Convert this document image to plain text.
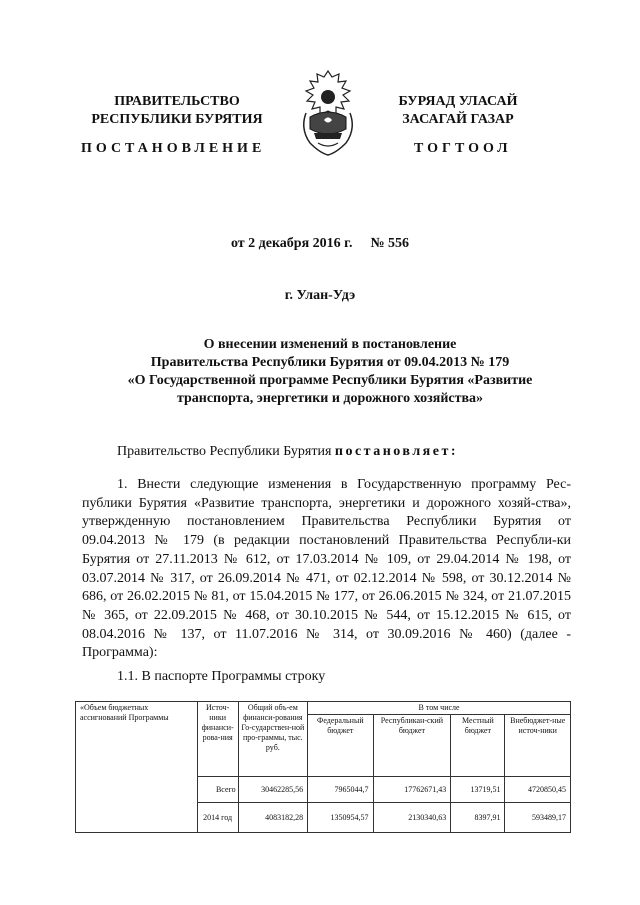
ПРАВИТЕЛЬСТВО
РЕСПУБЛИКИ БУРЯТИЯ
БУРЯАД УЛАСАЙ
ЗАСАГАЙ ГАЗАР
ПОСТАНОВЛЕНИЕ	ТОГТООЛ
от 2 декабря 2016 г. № 556
г. Улан-Удэ
О внесении изменений в постановление
Правительства Республики Бурятия от 09.04.2013 № 179
«О Государственной программе Республики Бурятия «Развитие
транспорта, энергетики и дорожного хозяйства»
Правительство Республики Бурятия постановляет:
1. Внести следующие изменения в Государственную программу Рес-публики Бурятия «Развитие транспорта, энергетики и дорожного хозяй-ства», утвержденную постановлением Правительства Республики Бурятия от 09.04.2013 № 179 (в редакции постановлений Правительства Республи-ки Бурятия от 27.11.2013 № 612, от 17.03.2014 № 109, от 29.04.2014 № 198, от 03.07.2014 № 317, от 26.09.2014 № 471, от 02.12.2014 № 598, от 30.12.2014 № 686, от 26.02.2015 № 81, от 15.04.2015 № 177, от 26.06.2015 № 324, от 21.07.2015 № 365, от 22.09.2015 № 468, от 30.10.2015 № 544, от 15.12.2015 № 615, от 08.04.2016 № 137, от 11.07.2016 № 314, от 30.09.2016 № 460) (далее - Программа):
1.1. В паспорте Программы строку
«Объем бюджетных ассигнований Программы	Источ-ники финанси-рова-ния	Общий объ-ем финанси-рования Го-сударствен-ной про-граммы, тыс. руб.	В том числе			
			Федеральный бюджет	Республикан-ский бюджет	Местный бюджет	Внебюджет-ные источ-ники
	Всего	30462285,56	7965044,7	17762671,43	13719,51	4720850,45
	2014 год	4083182,28	1350954,57	2130340,63	8397,91	593489,17
